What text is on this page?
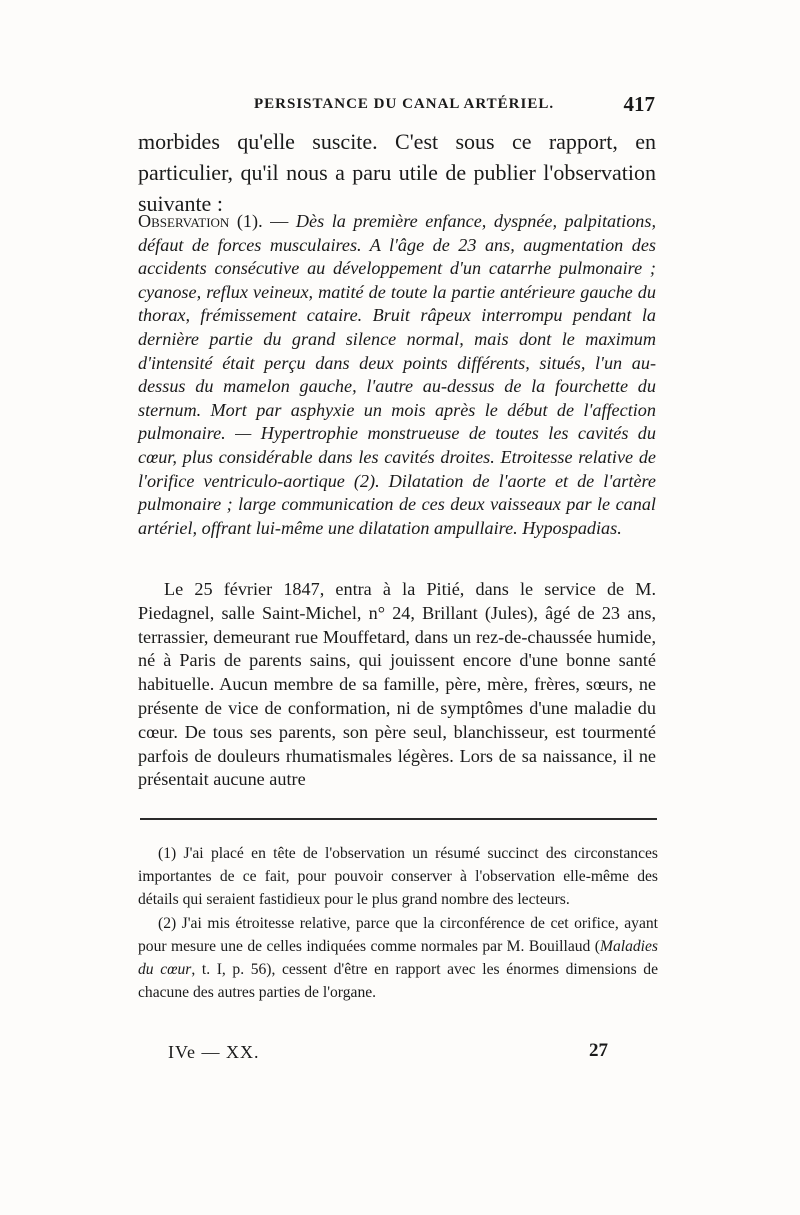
PERSISTANCE DU CANAL ARTÉRIEL.	417
morbides qu'elle suscite. C'est sous ce rapport, en particulier, qu'il nous a paru utile de publier l'observation suivante :
Observation (1). — Dès la première enfance, dyspnée, palpitations, défaut de forces musculaires. A l'âge de 23 ans, augmentation des accidents consécutive au développement d'un catarrhe pulmonaire ; cyanose, reflux veineux, matité de toute la partie antérieure gauche du thorax, frémissement cataire. Bruit râpeux interrompu pendant la dernière partie du grand silence normal, mais dont le maximum d'intensité était perçu dans deux points différents, situés, l'un au-dessus du mamelon gauche, l'autre au-dessus de la fourchette du sternum. Mort par asphyxie un mois après le début de l'affection pulmonaire. — Hypertrophie monstrueuse de toutes les cavités du cœur, plus considérable dans les cavités droites. Etroitesse relative de l'orifice ventriculo-aortique (2). Dilatation de l'aorte et de l'artère pulmonaire ; large communication de ces deux vaisseaux par le canal artériel, offrant lui-même une dilatation ampullaire. Hypospadias.
Le 25 février 1847, entra à la Pitié, dans le service de M. Piedagnel, salle Saint-Michel, n° 24, Brillant (Jules), âgé de 23 ans, terrassier, demeurant rue Mouffetard, dans un rez-de-chaussée humide, né à Paris de parents sains, qui jouissent encore d'une bonne santé habituelle. Aucun membre de sa famille, père, mère, frères, sœurs, ne présente de vice de conformation, ni de symptômes d'une maladie du cœur. De tous ses parents, son père seul, blanchisseur, est tourmenté parfois de douleurs rhumatismales légères. Lors de sa naissance, il ne présentait aucune autre

(1) J'ai placé en tête de l'observation un résumé succinct des circonstances importantes de ce fait, pour pouvoir conserver à l'observation elle-même des détails qui seraient fastidieux pour le plus grand nombre des lecteurs.

(2) J'ai mis étroitesse relative, parce que la circonférence de cet orifice, ayant pour mesure une de celles indiquées comme normales par M. Bouillaud (Maladies du cœur, t. I, p. 56), cessent d'être en rapport avec les énormes dimensions de chacune des autres parties de l'organe.

IVe — XX.	27
